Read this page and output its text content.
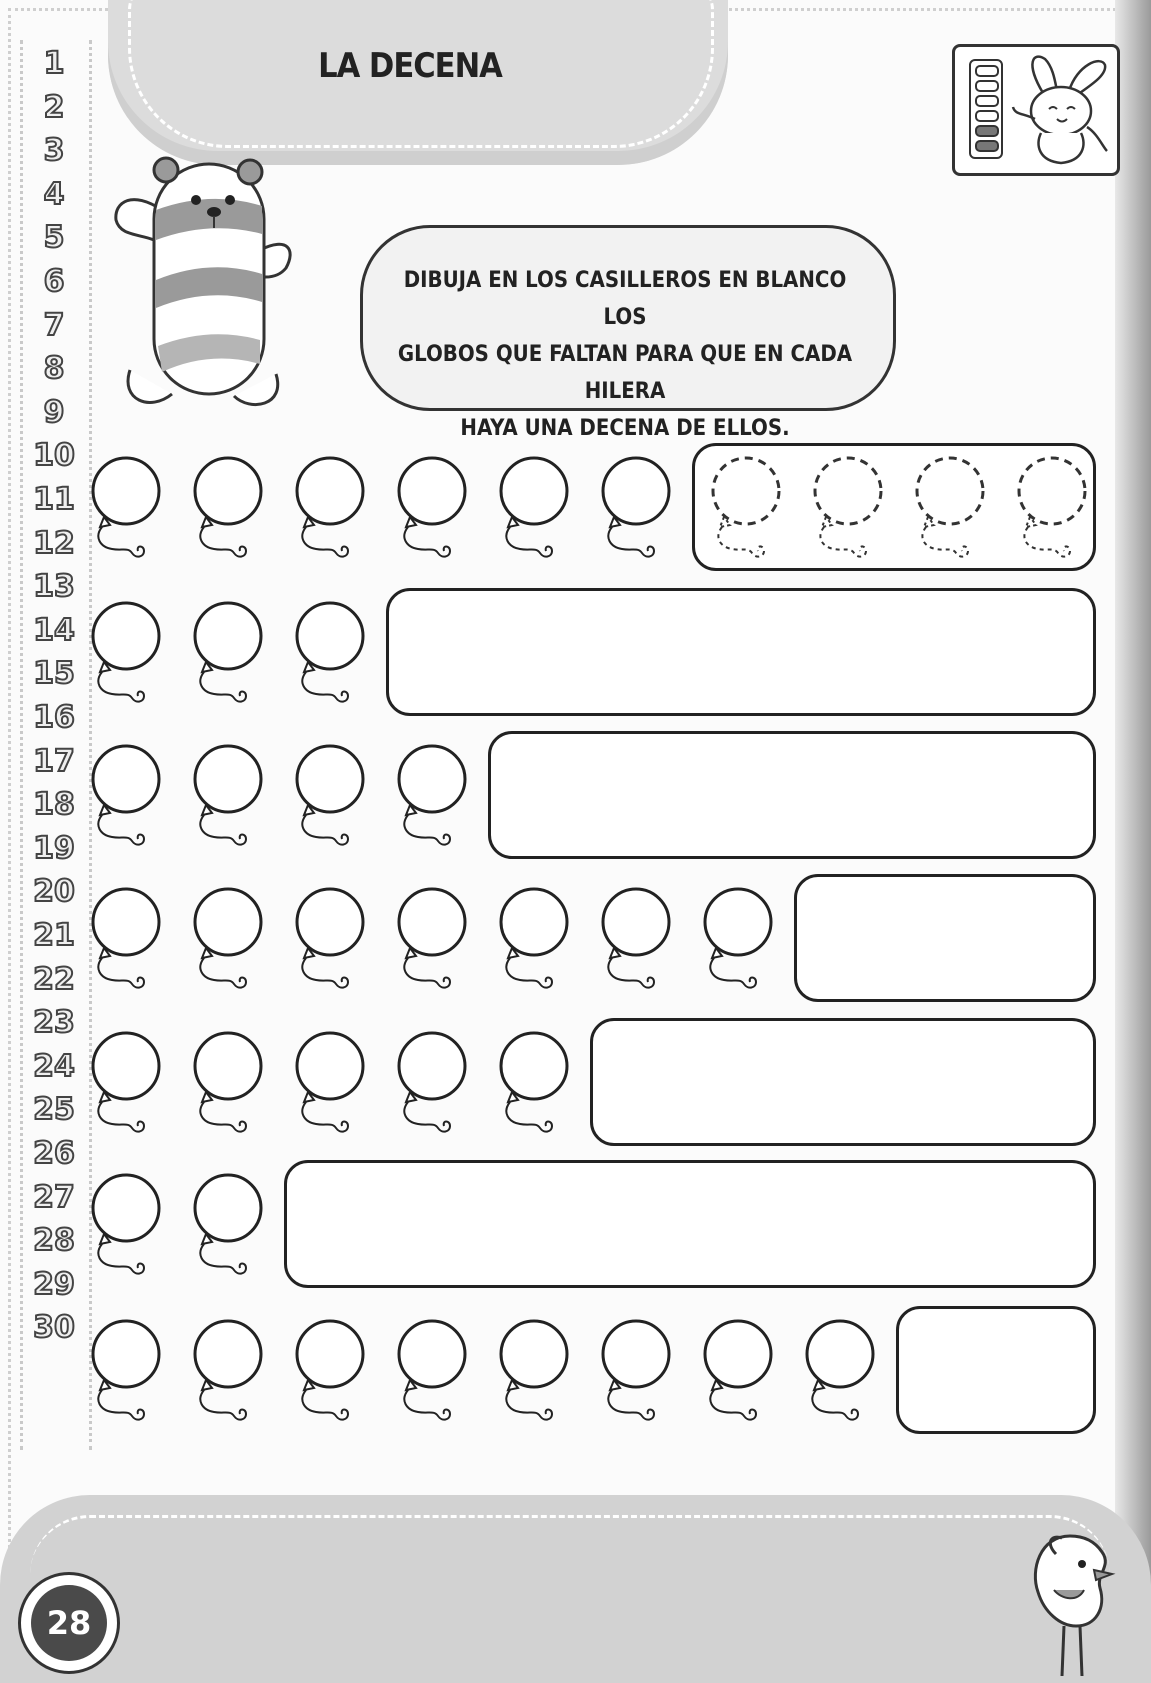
LA DECENA
1
2
3
4
5
6
7
8
9
10
11
12
13
14
15
16
17
18
19
20
21
22
23
24
25
26
27
28
29
30
DIBUJA EN LOS CASILLEROS EN BLANCO LOS
GLOBOS QUE FALTAN PARA QUE EN CADA HILERA
HAYA UNA DECENA DE ELLOS.
28
